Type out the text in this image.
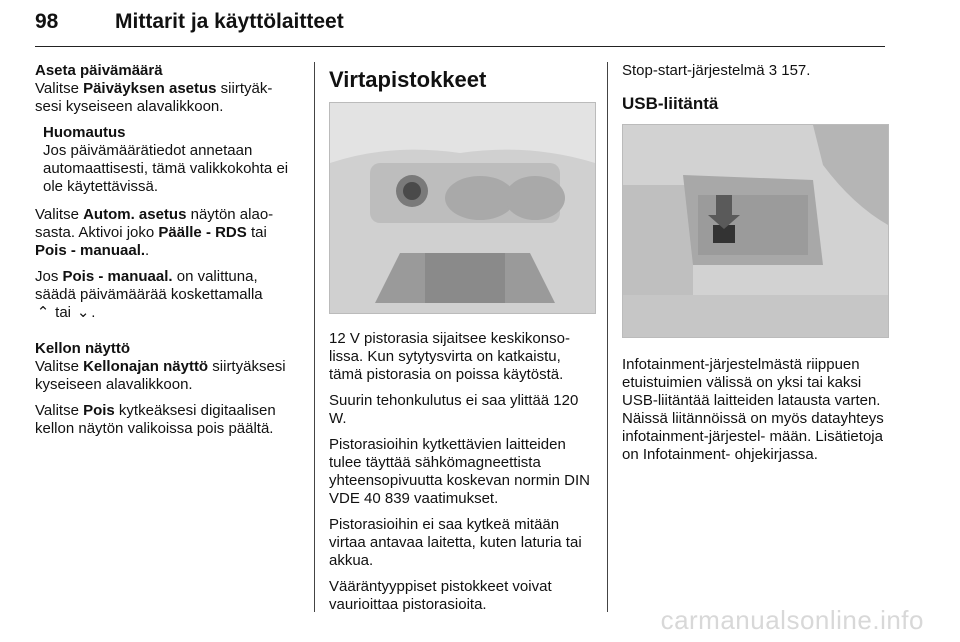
98	Mittarit ja käyttölaitteet
Aseta päivämäärä

Valitse Päiväyksen asetus siirtyäk- sesi kyseiseen alavalikkoon.

Huomautus
Jos päivämäärätiedot annetaan automaattisesti, tämä valikkokohta ei ole käytettävissä.

Valitse Autom. asetus näytön alao- sasta. Aktivoi joko Päälle - RDS tai Pois - manuaal..

Jos Pois - manuaal. on valittuna, säädä päivämäärää koskettamalla
⌃ tai ⌄ .

Kellon näyttö

Valitse Kellonajan näyttö siirtyäksesi kyseiseen alavalikkoon.

Valitse Pois kytkeäksesi digitaalisen kellon näytön valikoissa pois päältä.

Virtapistokkeet

12 V pistorasia sijaitsee keskikonso- lissa. Kun sytytysvirta on katkaistu, tämä pistorasia on poissa käytöstä.

Suurin tehonkulutus ei saa ylittää 120 W.

Pistorasioihin kytkettävien laitteiden tulee täyttää sähkömagneettista yhteensopivuutta koskevan normin DIN VDE 40 839 vaatimukset.

Pistorasioihin ei saa kytkeä mitään virtaa antavaa laitetta, kuten laturia tai akkua.

Vääräntyyppiset pistokkeet voivat vaurioittaa pistorasioita.

Stop-start-järjestelmä 3 157.

USB-liitäntä

Infotainment-järjestelmästä riippuen etuistuimien välissä on yksi tai kaksi USB-liitäntää laitteiden latausta varten. Näissä liitännöissä on myös datayhteys infotainment-järjestel- mään. Lisätietoja on Infotainment- ohjekirjassa.

carmanualsonline.info
